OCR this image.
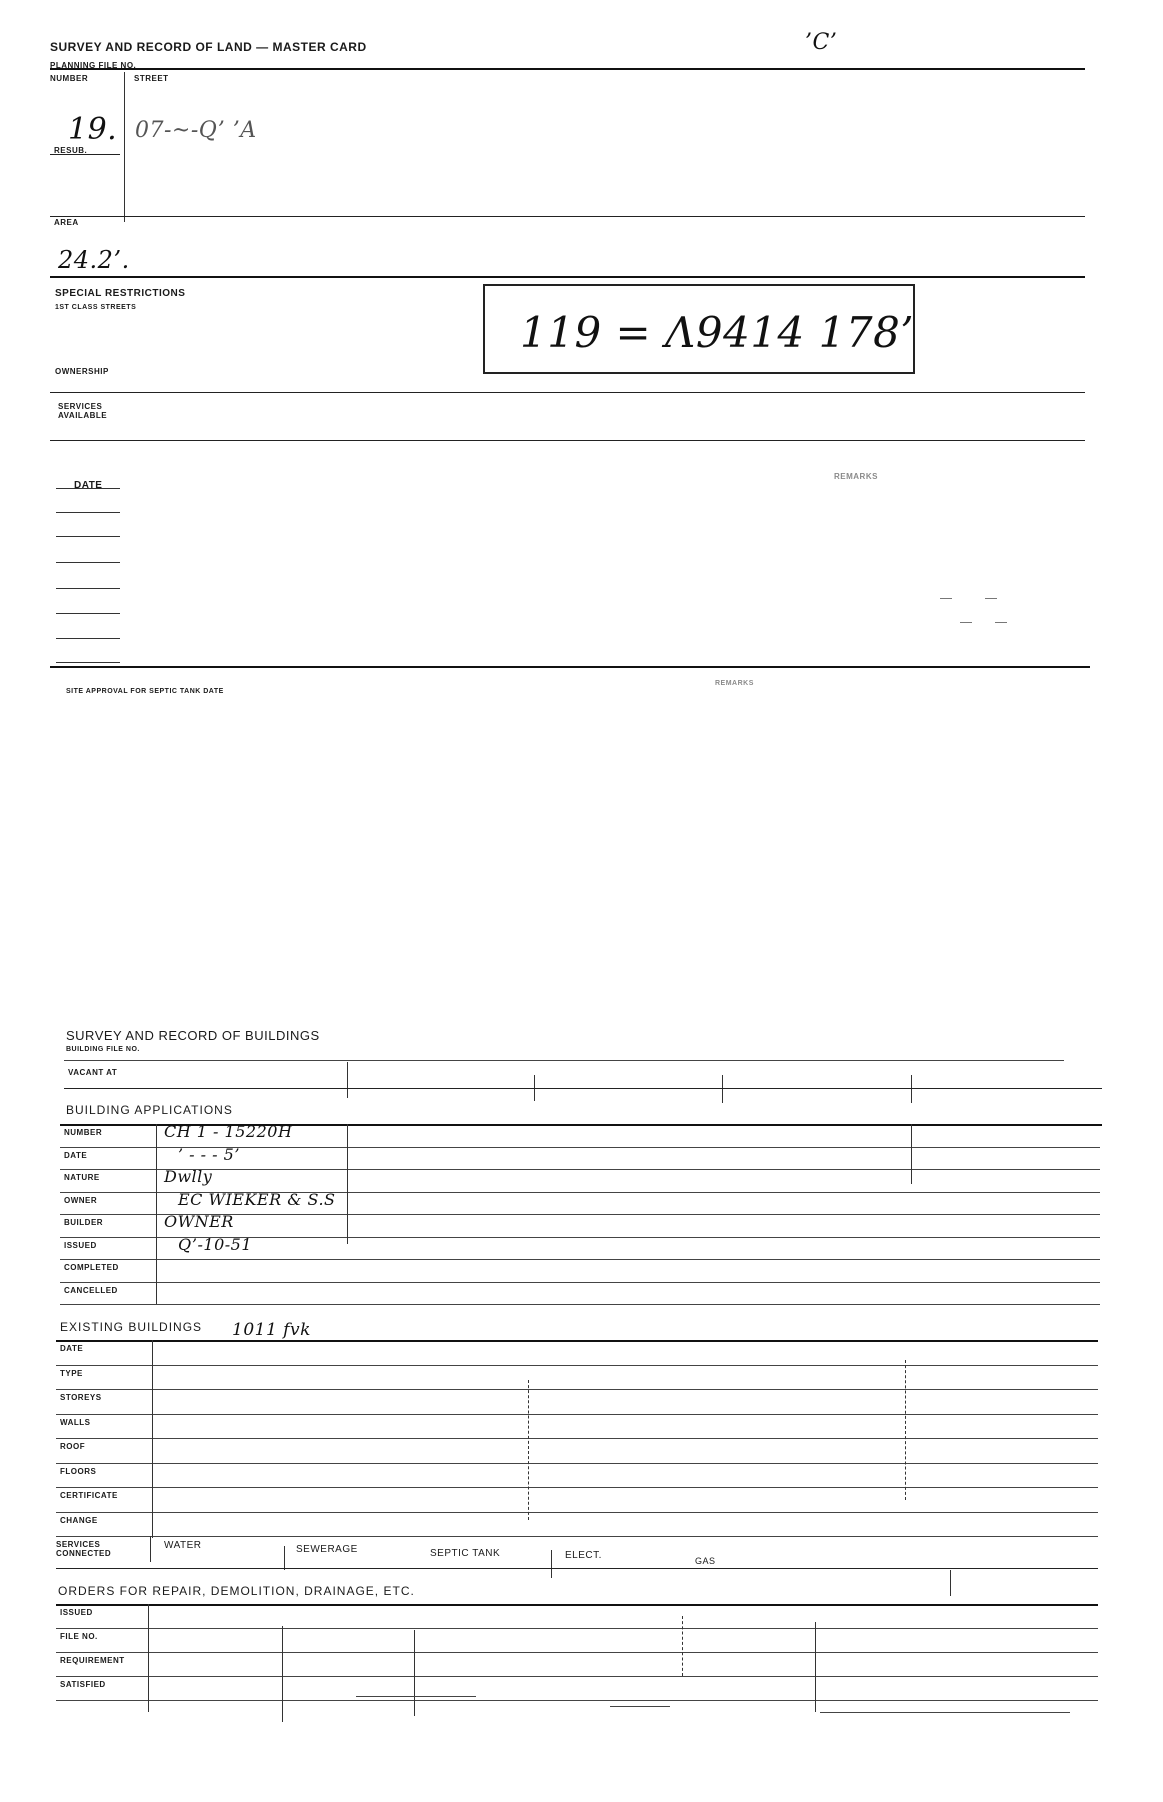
SURVEY AND RECORD OF LAND — MASTER CARD	’C’
PLANNING FILE NO.
NUMBER	STREET
19. 07-~-Q’ ’A
RESUB.
AREA
24.2’.
SPECIAL RESTRICTIONS
1ST CLASS STREETS
OWNERSHIP
119 = Λ9414 178’
SERVICES AVAILABLE
DATE
REMARKS
SITE APPROVAL FOR SEPTIC TANK DATE
REMARKS
SURVEY AND RECORD OF BUILDINGS
BUILDING FILE NO.
VACANT AT
BUILDING APPLICATIONS
NUMBER	CH 1 - 15220H
DATE	’ - - - 5’
NATURE	Dwlly
OWNER	EC WIEKER & S.S
BUILDER	OWNER
ISSUED	Q’-10-51
COMPLETED
CANCELLED
EXISTING BUILDINGS 1011 fvk
DATE
TYPE
STOREYS
WALLS
ROOF
FLOORS
CERTIFICATE
CHANGE
SERVICES CONNECTED
WATER	SEWERAGE	SEPTIC TANK	ELECT.	GAS
ORDERS FOR REPAIR, DEMOLITION, DRAINAGE, ETC.
ISSUED
FILE NO.
REQUIREMENT
SATISFIED
